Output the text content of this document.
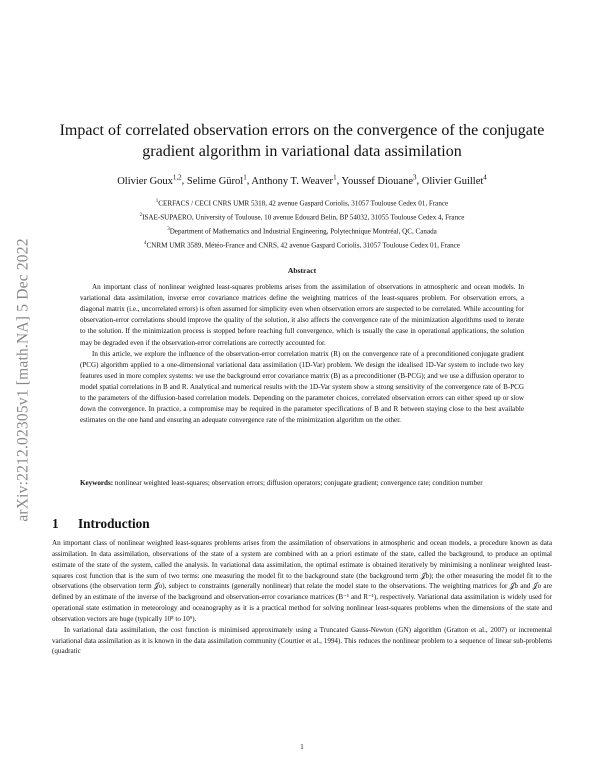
arXiv:2212.02305v1 [math.NA] 5 Dec 2022
Impact of correlated observation errors on the convergence of the conjugate gradient algorithm in variational data assimilation
Olivier Goux$^{1,2}$, Selime Gürol$^1$, Anthony T. Weaver$^1$, Youssef Diouane$^3$, Olivier Guillet$^4$
$^1$CERFACS / CECI CNRS UMR 5318, 42 avenue Gaspard Coriolis, 31057 Toulouse Cedex 01, France
$^2$ISAE-SUPAERO, University of Toulouse, 10 avenue Edouard Belin, BP 54032, 31055 Toulouse Cedex 4, France
$^3$Department of Mathematics and Industrial Engineering, Polytechnique Montréal, QC, Canada
$^4$CNRM UMR 3589, Météo-France and CNRS, 42 avenue Gaspard Coriolis, 31057 Toulouse Cedex 01, France
Abstract

An important class of nonlinear weighted least-squares problems arises from the assimilation of observations in atmospheric and ocean models. In variational data assimilation, inverse error covariance matrices define the weighting matrices of the least-squares problem. For observation errors, a diagonal matrix (i.e., uncorrelated errors) is often assumed for simplicity even when observation errors are suspected to be correlated. While accounting for observation-error correlations should improve the quality of the solution, it also affects the convergence rate of the minimization algorithms used to iterate to the solution. If the minimization process is stopped before reaching full convergence, which is usually the case in operational applications, the solution may be degraded even if the observation-error correlations are correctly accounted for.

In this article, we explore the influence of the observation-error correlation matrix (R) on the convergence rate of a preconditioned conjugate gradient (PCG) algorithm applied to a one-dimensional variational data assimilation (1D-Var) problem. We design the idealised 1D-Var system to include two key features used in more complex systems: we use the background error covariance matrix (B) as a preconditioner (B-PCG); and we use a diffusion operator to model spatial correlations in B and R. Analytical and numerical results with the 1D-Var system show a strong sensitivity of the convergence rate of B-PCG to the parameters of the diffusion-based correlation models. Depending on the parameter choices, correlated observation errors can either speed up or slow down the convergence. In practice, a compromise may be required in the parameter specifications of B and R between staying close to the best available estimates on the one hand and ensuring an adequate convergence rate of the minimization algorithm on the other.

Keywords: nonlinear weighted least-squares; observation errors; diffusion operators; conjugate gradient; convergence rate; condition number
1 Introduction

An important class of nonlinear weighted least-squares problems arises from the assimilation of observations in atmospheric and ocean models, a procedure known as data assimilation. In data assimilation, observations of the state of a system are combined with an a priori estimate of the state, called the background, to produce an optimal estimate of the state of the system, called the analysis. In variational data assimilation, the optimal estimate is obtained iteratively by minimising a nonlinear weighted least-squares cost function that is the sum of two terms: one measuring the model fit to the background state (the background term 𝒥b); the other measuring the model fit to the observations (the observation term 𝒥o), subject to constraints (generally nonlinear) that relate the model state to the observations. The weighting matrices for 𝒥b and 𝒥o are defined by an estimate of the inverse of the background and observation-error covariance matrices (B⁻¹ and R⁻¹), respectively. Variational data assimilation is widely used for operational state estimation in meteorology and oceanography as it is a practical method for solving nonlinear least-squares problems when the dimensions of the state and observation vectors are huge (typically 10⁸ to 10⁹).

In variational data assimilation, the cost function is minimised approximately using a Truncated Gauss-Newton (GN) algorithm (Gratton et al., 2007) or incremental variational data assimilation as it is known in the data assimilation community (Courtier et al., 1994). This reduces the nonlinear problem to a sequence of linear sub-problems (quadratic

1
